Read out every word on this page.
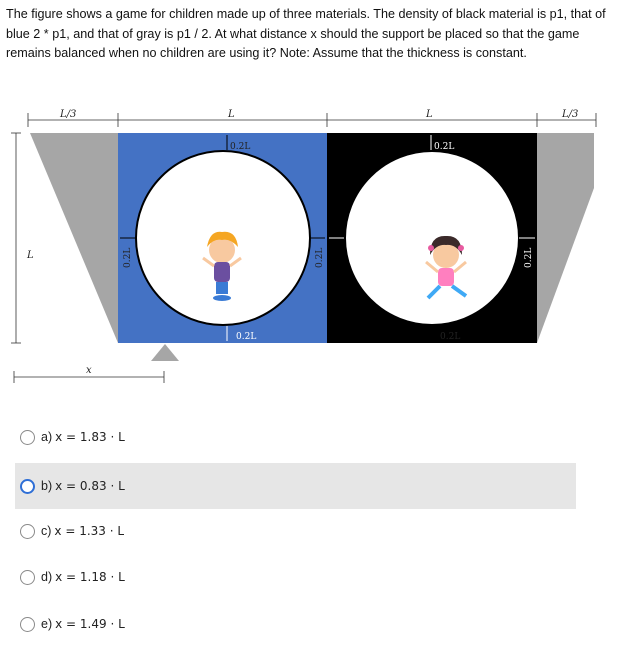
The figure shows a game for children made up of three materials. The density of black material is p1, that of blue 2 * p1, and that of gray is p1 / 2. At what distance x should the support be placed so that the game remains balanced when no children are using it? Note: Assume that the thickness is constant.
L/3	L	L	L/3
0.2L
0.2L
0.2L	0.2L
0.2L
0.2L
0.2L
L
x
a) x = 1.83 · L
b) x = 0.83 · L
c) x = 1.33 · L
d) x = 1.18 · L
e) x = 1.49 · L
